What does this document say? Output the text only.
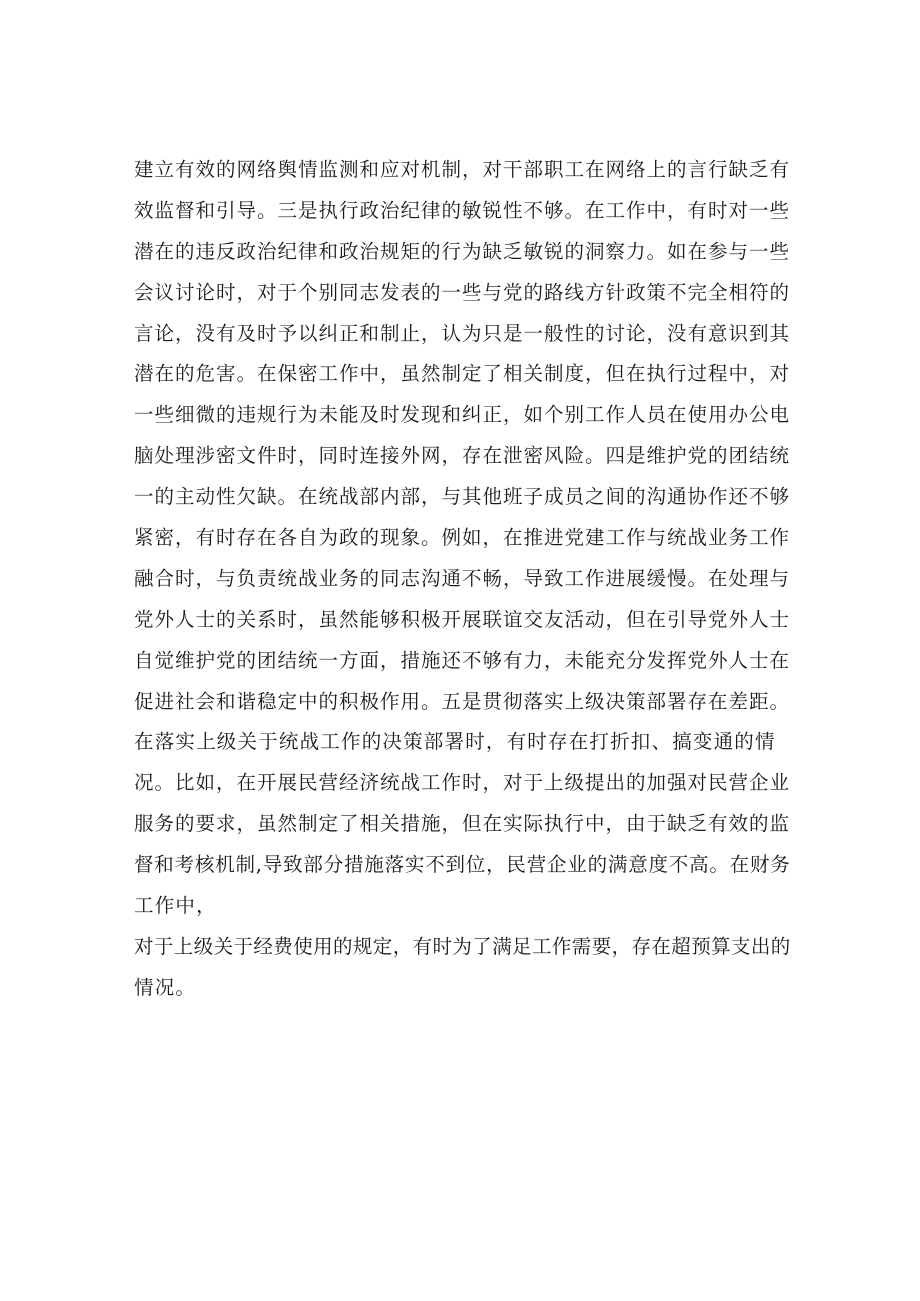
建立有效的网络舆情监测和应对机制，对干部职工在网络上的言行缺乏有
效监督和引导。三是执行政治纪律的敏锐性不够。在工作中，有时对一些
潜在的违反政治纪律和政治规矩的行为缺乏敏锐的洞察力。如在参与一些
会议讨论时，对于个别同志发表的一些与党的路线方针政策不完全相符的
言论，没有及时予以纠正和制止，认为只是一般性的讨论，没有意识到其
潜在的危害。在保密工作中，虽然制定了相关制度，但在执行过程中，对
一些细微的违规行为未能及时发现和纠正，如个别工作人员在使用办公电
脑处理涉密文件时，同时连接外网，存在泄密风险。四是维护党的团结统
一的主动性欠缺。在统战部内部，与其他班子成员之间的沟通协作还不够
紧密，有时存在各自为政的现象。例如，在推进党建工作与统战业务工作
融合时，与负责统战业务的同志沟通不畅，导致工作进展缓慢。在处理与
党外人士的关系时，虽然能够积极开展联谊交友活动，但在引导党外人士
自觉维护党的团结统一方面，措施还不够有力，未能充分发挥党外人士在
促进社会和谐稳定中的积极作用。五是贯彻落实上级决策部署存在差距。
在落实上级关于统战工作的决策部署时，有时存在打折扣、搞变通的情
况。比如，在开展民营经济统战工作时，对于上级提出的加强对民营企业
服务的要求，虽然制定了相关措施，但在实际执行中，由于缺乏有效的监
督和考核机制,导致部分措施落实不到位，民营企业的满意度不高。在财务
工作中，
对于上级关于经费使用的规定，有时为了满足工作需要，存在超预算支出的
情况。
